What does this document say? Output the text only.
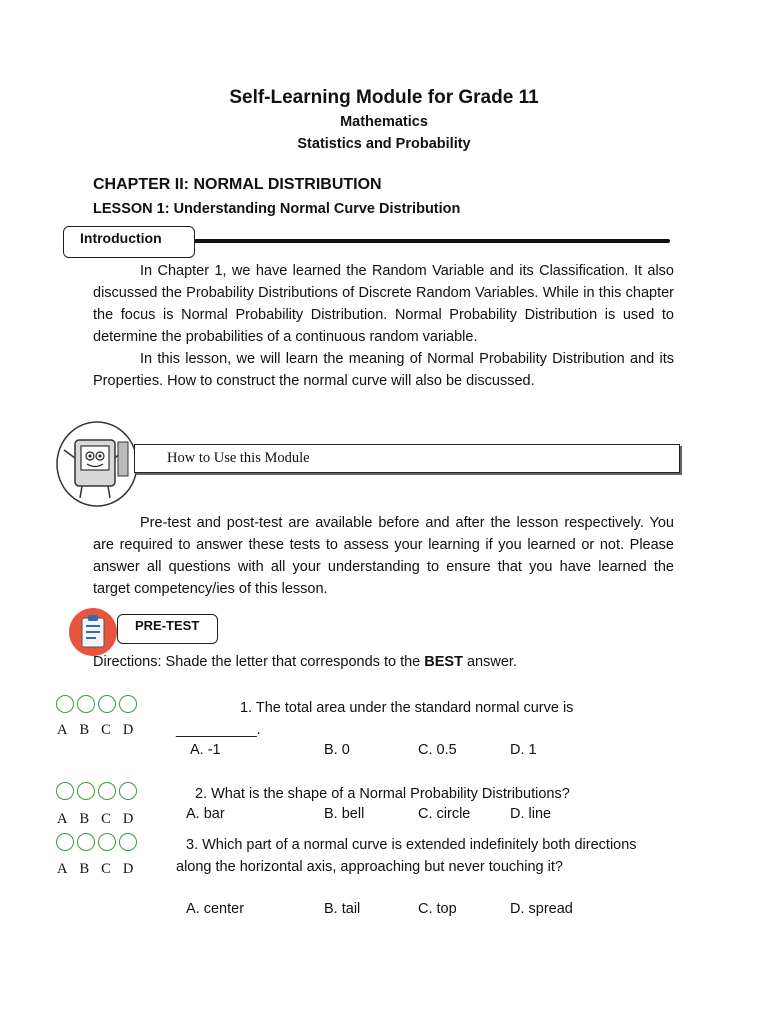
Self-Learning Module for Grade 11
Mathematics
Statistics and Probability
CHAPTER II: NORMAL DISTRIBUTION
LESSON 1: Understanding Normal Curve Distribution
Introduction

In Chapter 1, we have learned the Random Variable and its Classification. It also discussed the Probability Distributions of Discrete Random Variables. While in this chapter the focus is Normal Probability Distribution. Normal Probability Distribution is used to determine the probabilities of a continuous random variable.

In this lesson, we will learn the meaning of Normal Probability Distribution and its Properties. How to construct the normal curve will also be discussed.

How to Use this Module

Pre-test and post-test are available before and after the lesson respectively. You are required to answer these tests to assess your learning if you learned or not. Please answer all questions with all your understanding to ensure that you have learned the target competency/ies of this lesson.

PRE-TEST
Directions: Shade the letter that corresponds to the BEST answer.
A B C D
1. The total area under the standard normal curve is __________.
A. -1	B. 0	C. 0.5	D. 1
A B C D
2. What is the shape of a Normal Probability Distributions?
A. bar	B. bell	C. circle	D. line
A B C D
3. Which part of a normal curve is extended indefinitely both directions along the horizontal axis, approaching but never touching it?
A. center	B. tail	C. top	D. spread
